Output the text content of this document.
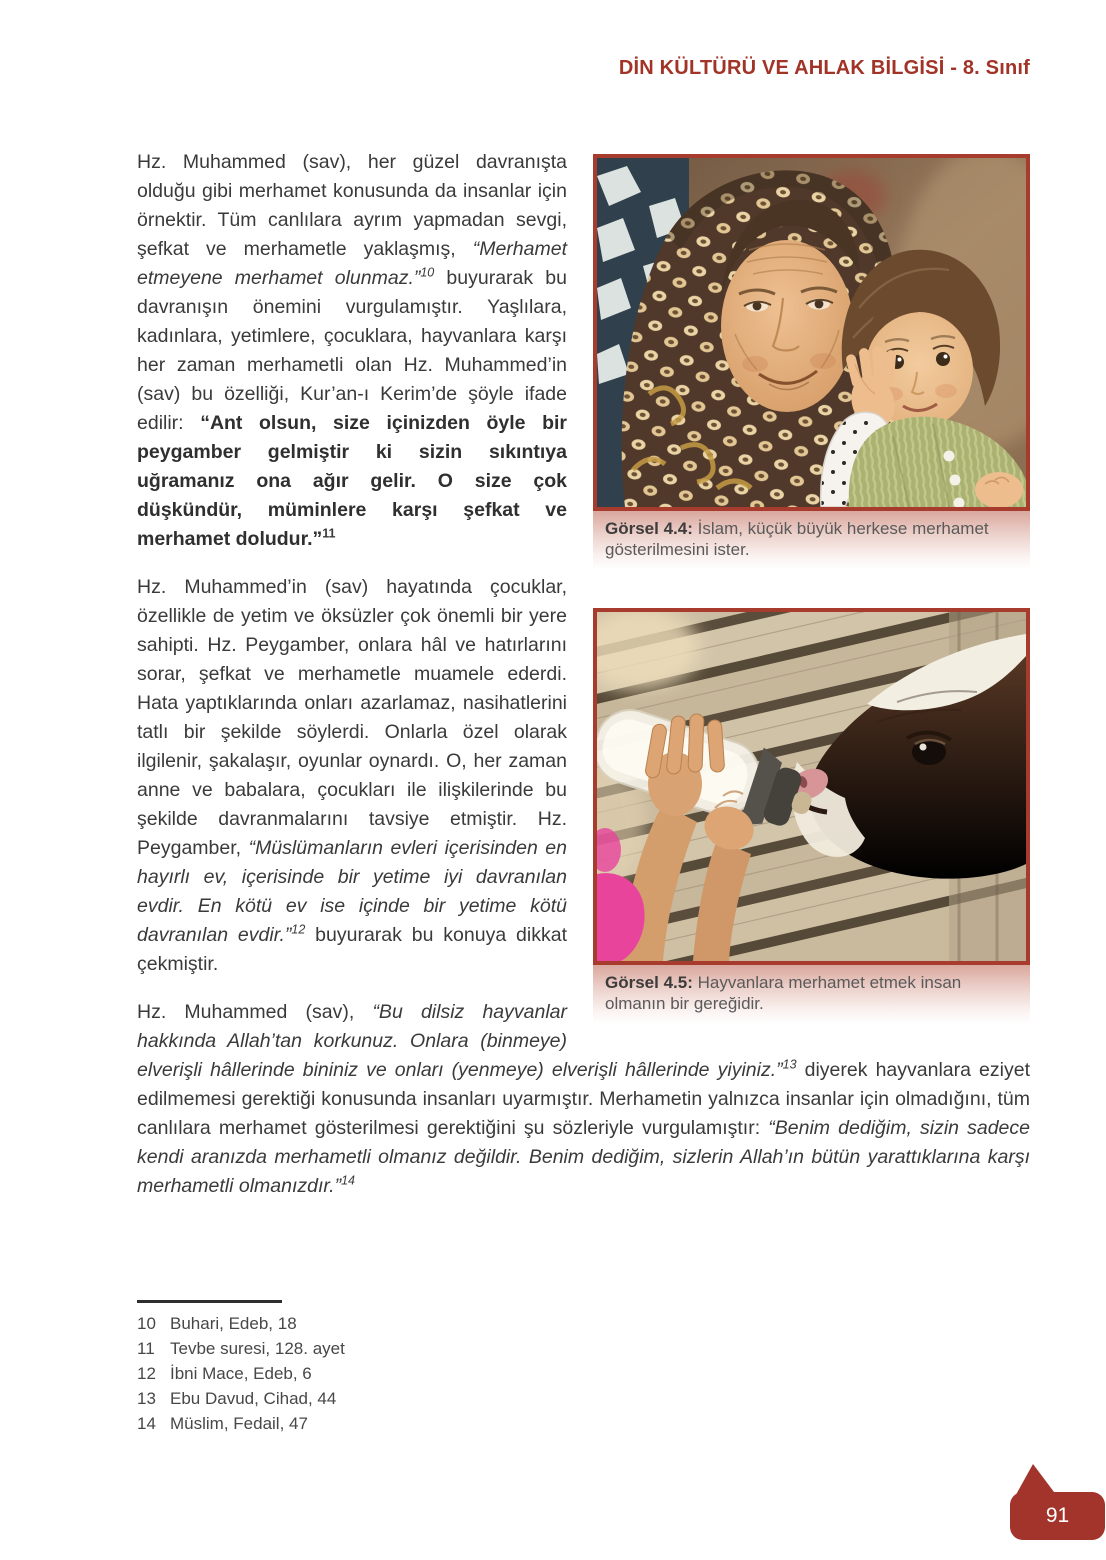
DİN KÜLTÜRÜ VE AHLAK BİLGİSİ - 8. Sınıf
Görsel 4.4: İslam, küçük büyük herkese merhamet gösterilmesini ister.
Görsel 4.5: Hayvanlara merhamet etmek insan olmanın bir gereğidir.

Hz. Muhammed (sav), her güzel davranışta olduğu gibi merhamet konusunda da insanlar için örnektir. Tüm canlılara ayrım yapmadan sevgi, şefkat ve merhametle yaklaşmış, “Merhamet etmeyene merhamet olunmaz.”$^{10}$ buyurarak bu davranışın önemini vurgulamıştır. Yaşlılara, kadınlara, yetimlere, çocuklara, hayvanlara karşı her zaman merhametli olan Hz. Muhammed’in (sav) bu özelliği, Kur’an-ı Kerim’de şöyle ifade edilir: “Ant olsun, size içinizden öyle bir peygamber gelmiştir ki sizin sıkıntıya uğramanız ona ağır gelir. O size çok düşkündür, müminlere karşı şefkat ve merhamet doludur.”$^{11}$

Hz. Muhammed’in (sav) hayatında çocuklar, özellikle de yetim ve öksüzler çok önemli bir yere sahipti. Hz. Peygamber, onlara hâl ve hatırlarını sorar, şefkat ve merhametle muamele ederdi. Hata yaptıklarında onları azarlamaz, nasihatlerini tatlı bir şekilde söylerdi. Onlarla özel olarak ilgilenir, şakalaşır, oyunlar oynardı. O, her zaman anne ve babalara, çocukları ile ilişkilerinde bu şekilde davranmalarını tavsiye etmiştir. Hz. Peygamber, “Müslümanların evleri içerisinden en hayırlı ev, içerisinde bir yetime iyi davranılan evdir. En kötü ev ise içinde bir yetime kötü davranılan evdir.”$^{12}$ buyurarak bu konuya dikkat çekmiştir.

Hz. Muhammed (sav), “Bu dilsiz hayvanlar hakkında Allah’tan korkunuz. Onlara (binmeye) elverişli hâllerinde bininiz ve onları (yenmeye) elverişli hâllerinde yiyiniz.”$^{13}$ diyerek hayvanlara eziyet edilmemesi gerektiği konusunda insanları uyarmıştır. Merhametin yalnızca insanlar için olmadığını, tüm canlılara merhamet gösterilmesi gerektiğini şu sözleriyle vurgulamıştır: “Benim dediğim, sizin sadece kendi aranızda merhametli olmanız değildir. Benim dediğim, sizlerin Allah’ın bütün yarattıklarına karşı merhametli olmanızdır.”$^{14}$

10 Buhari, Edeb, 18
11 Tevbe suresi, 128. ayet
12 İbni Mace, Edeb, 6
13 Ebu Davud, Cihad, 44
14 Müslim, Fedail, 47
91
